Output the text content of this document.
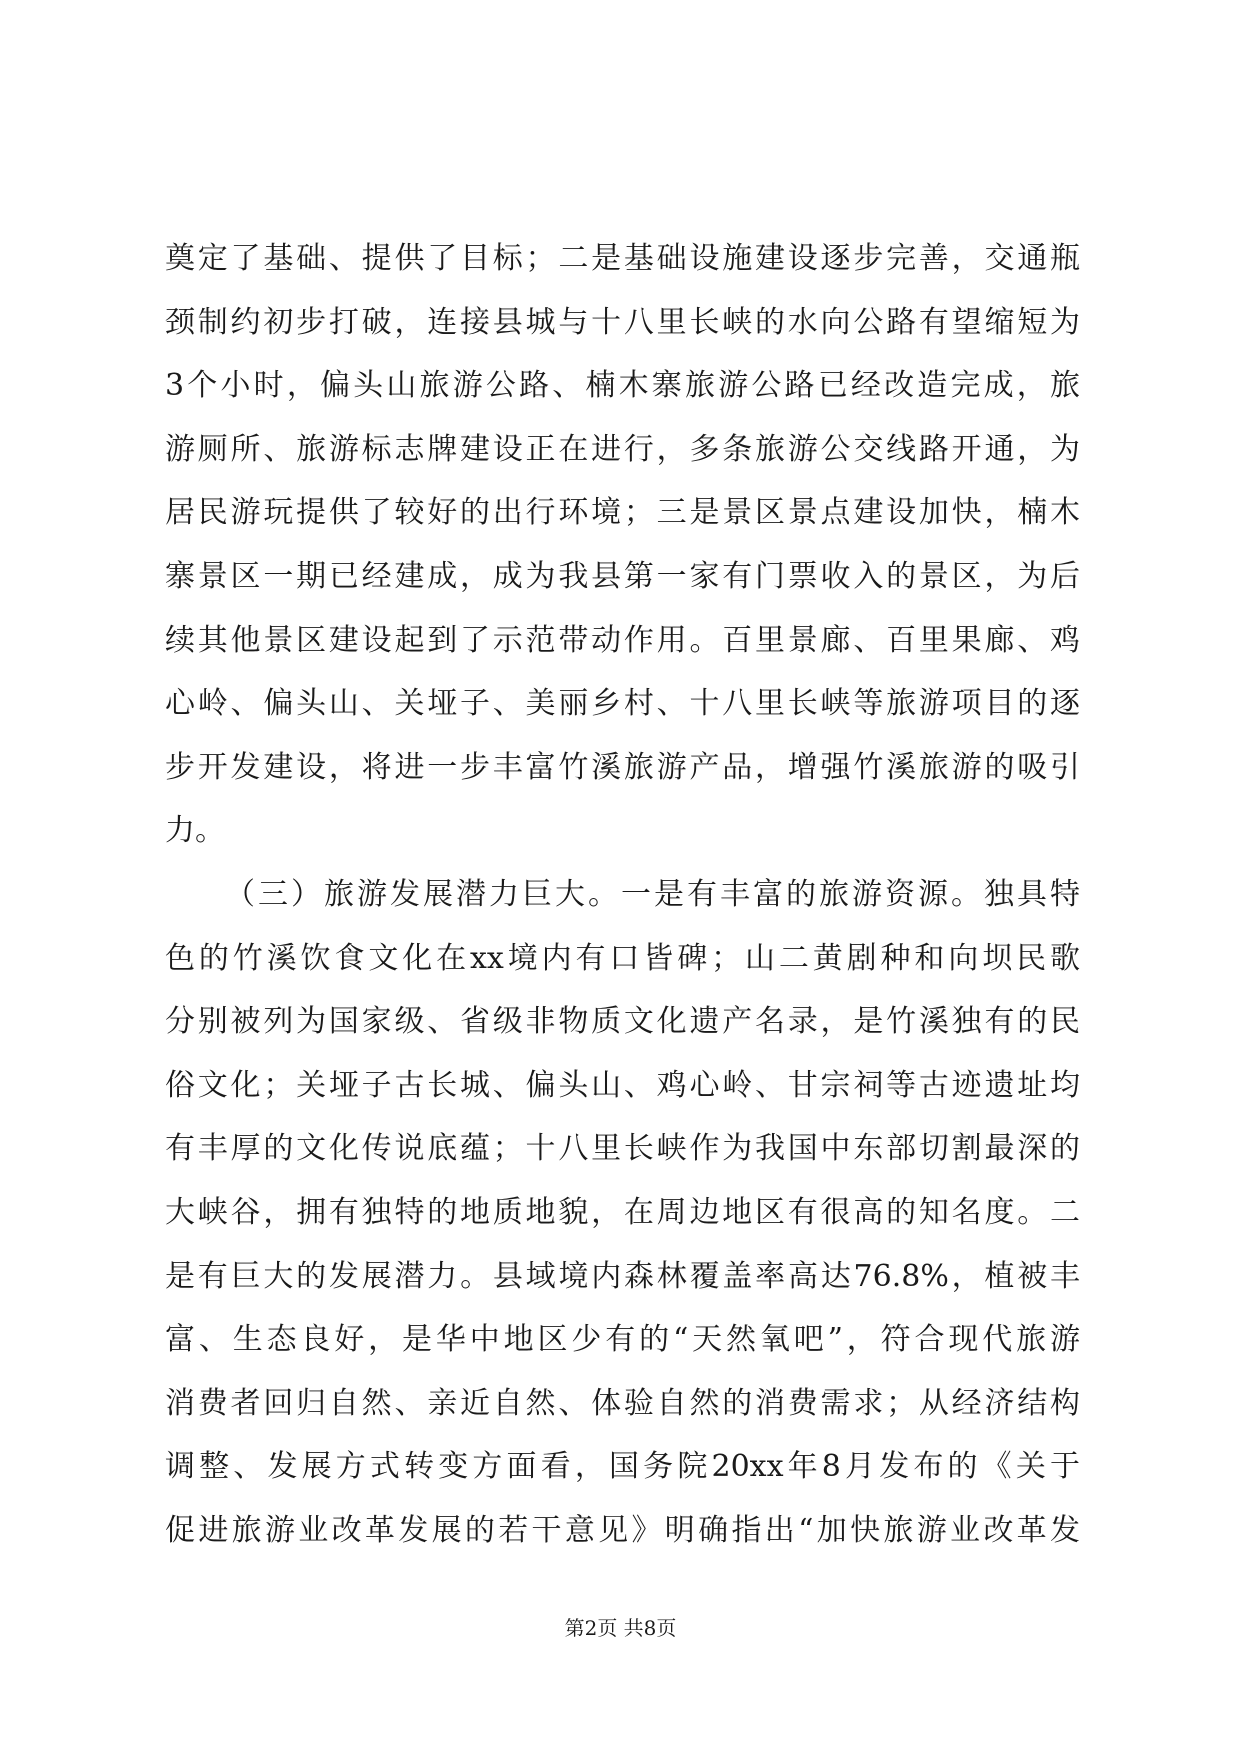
奠定了基础、提供了目标；二是基础设施建设逐步完善，交通瓶
颈制约初步打破，连接县城与十八里长峡的水向公路有望缩短为
3个小时，偏头山旅游公路、楠木寨旅游公路已经改造完成，旅
游厕所、旅游标志牌建设正在进行，多条旅游公交线路开通，为
居民游玩提供了较好的出行环境；三是景区景点建设加快，楠木
寨景区一期已经建成，成为我县第一家有门票收入的景区，为后
续其他景区建设起到了示范带动作用。百里景廊、百里果廊、鸡
心岭、偏头山、关垭子、美丽乡村、十八里长峡等旅游项目的逐
步开发建设，将进一步丰富竹溪旅游产品，增强竹溪旅游的吸引
力。
（三）旅游发展潜力巨大。一是有丰富的旅游资源。独具特
色的竹溪饮食文化在xx境内有口皆碑；山二黄剧种和向坝民歌
分别被列为国家级、省级非物质文化遗产名录，是竹溪独有的民
俗文化；关垭子古长城、偏头山、鸡心岭、甘宗祠等古迹遗址均
有丰厚的文化传说底蕴；十八里长峡作为我国中东部切割最深的
大峡谷，拥有独特的地质地貌，在周边地区有很高的知名度。二
是有巨大的发展潜力。县域境内森林覆盖率高达76.8%，植被丰
富、生态良好，是华中地区少有的“天然氧吧”，符合现代旅游
消费者回归自然、亲近自然、体验自然的消费需求；从经济结构
调整、发展方式转变方面看，国务院20xx年8月发布的《关于
促进旅游业改革发展的若干意见》明确指出“加快旅游业改革发
第2页 共8页
